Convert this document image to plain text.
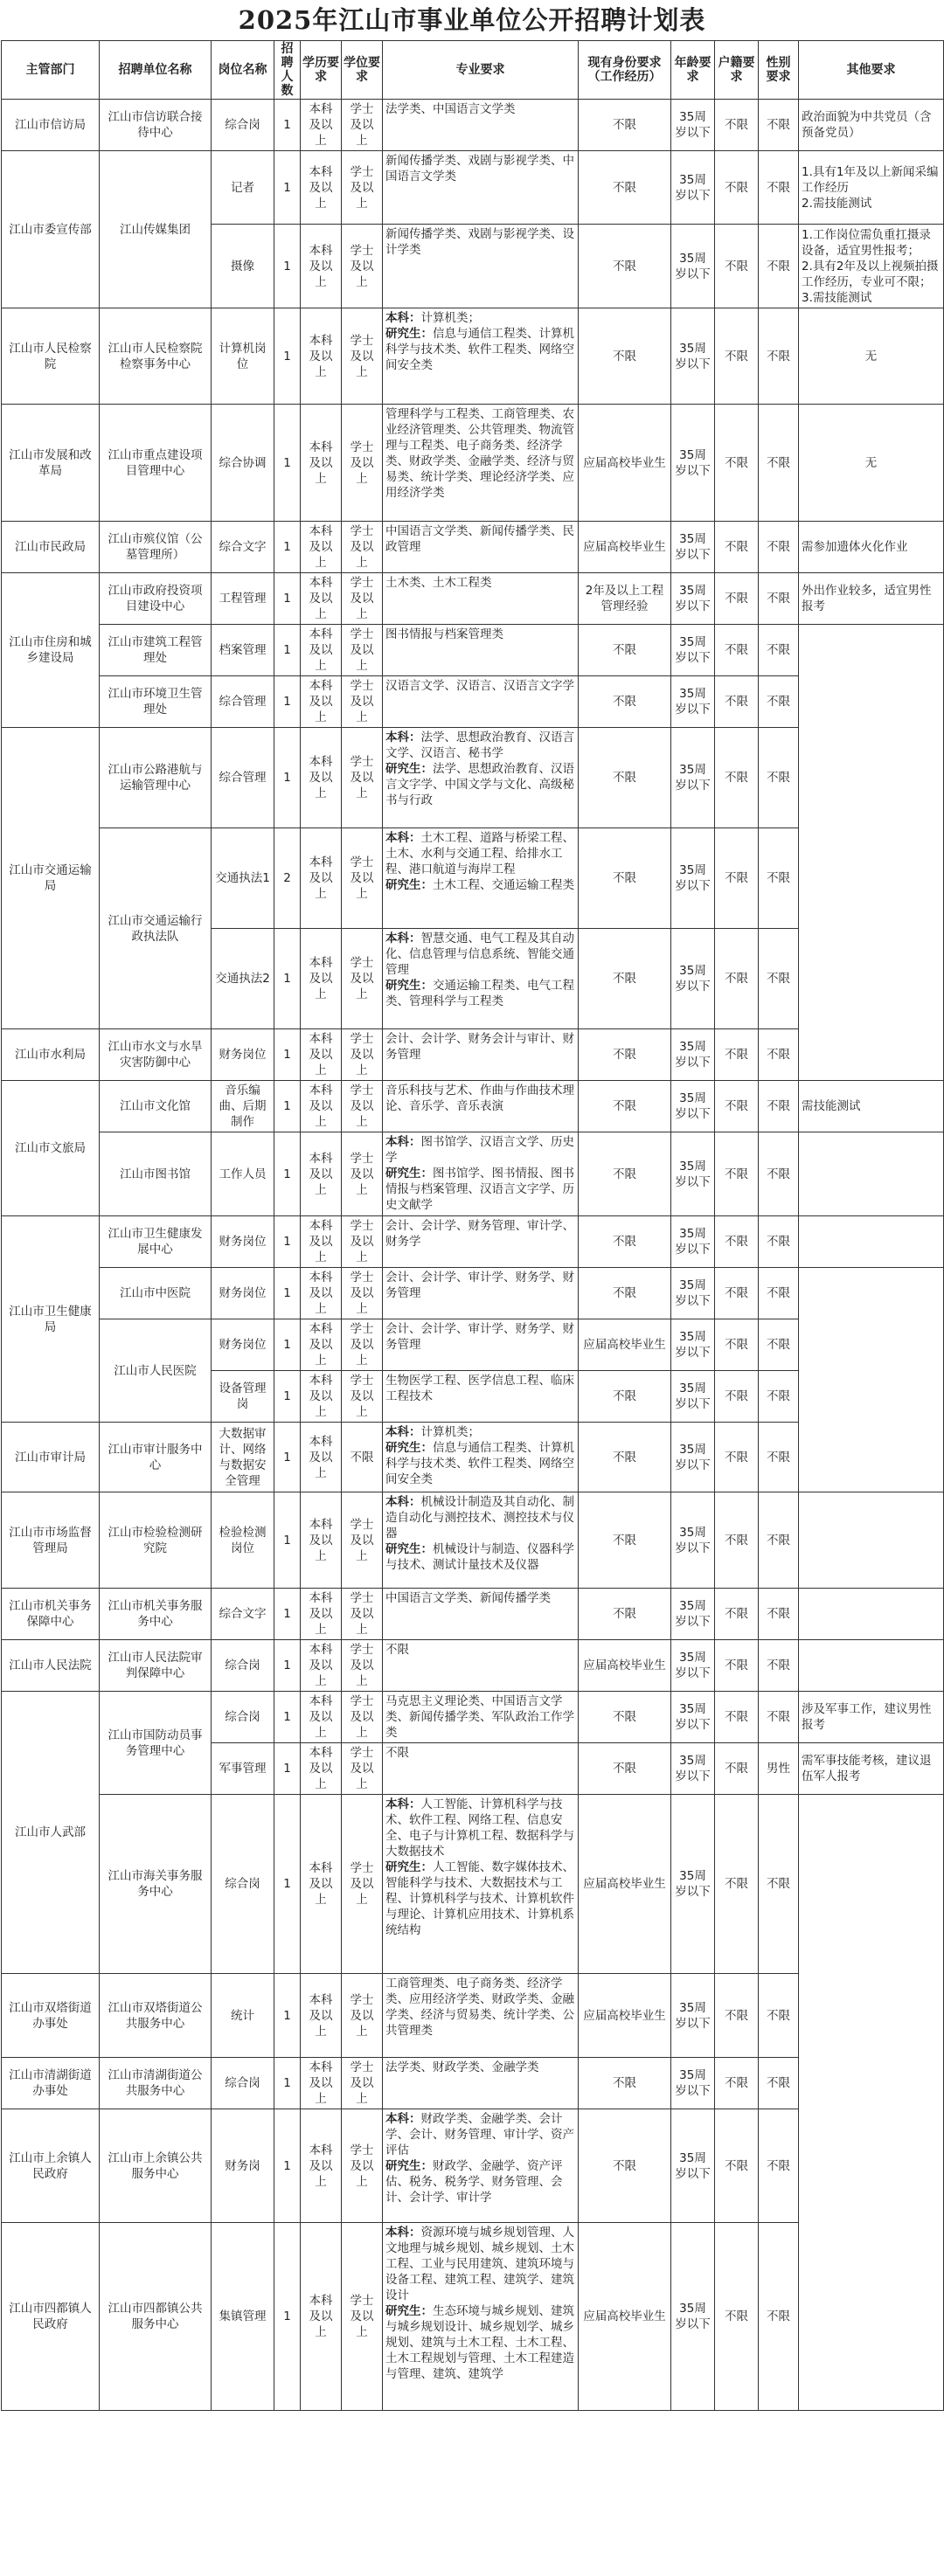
2025年江山市事业单位公开招聘计划表
主管部门	招聘单位名称	岗位名称	招聘人数	学历要求	学位要求	专业要求	现有身份要求（工作经历）	年龄要求	户籍要求	性别要求	其他要求
江山市信访局	江山市信访联合接待中心	综合岗	1	本科及以上	学士及以上	法学类、中国语言文学类	不限	35周岁以下	不限	不限	政治面貌为中共党员（含预备党员）
江山市委宣传部	江山传媒集团	记者	1	本科及以上	学士及以上	新闻传播学类、戏剧与影视学类、中国语言文学类	不限	35周岁以下	不限	不限	1.具有1年及以上新闻采编工作经历
2.需技能测试
		摄像	1	本科及以上	学士及以上	新闻传播学类、戏剧与影视学类、设计学类	不限	35周岁以下	不限	不限	1.工作岗位需负重扛摄录设备，适宜男性报考；
2.具有2年及以上视频拍摄工作经历，专业可不限；
3.需技能测试
江山市人民检察院	江山市人民检察院检察事务中心	计算机岗位	1	本科及以上	学士及以上	本科：计算机类；
研究生：信息与通信工程类、计算机科学与技术类、软件工程类、网络空间安全类	不限	35周岁以下	不限	不限	无
江山市发展和改革局	江山市重点建设项目管理中心	综合协调	1	本科及以上	学士及以上	管理科学与工程类、工商管理类、农业经济管理类、公共管理类、物流管理与工程类、电子商务类、经济学类、财政学类、金融学类、经济与贸易类、统计学类、理论经济学类、应用经济学类	应届高校毕业生	35周岁以下	不限	不限	无
江山市民政局	江山市殡仪馆（公墓管理所）	综合文字	1	本科及以上	学士及以上	中国语言文学类、新闻传播学类、民政管理	应届高校毕业生	35周岁以下	不限	不限	需参加遗体火化作业
江山市住房和城乡建设局	江山市政府投资项目建设中心	工程管理	1	本科及以上	学士及以上	土木类、土木工程类	2年及以上工程管理经验	35周岁以下	不限	不限	外出作业较多，适宜男性报考
	江山市建筑工程管理处	档案管理	1	本科及以上	学士及以上	图书情报与档案管理类	不限	35周岁以下	不限	不限	
	江山市环境卫生管理处	综合管理	1	本科及以上	学士及以上	汉语言文学、汉语言、汉语言文字学	不限	35周岁以下	不限	不限	
江山市交通运输局	江山市公路港航与运输管理中心	综合管理	1	本科及以上	学士及以上	本科：法学、思想政治教育、汉语言文学、汉语言、秘书学
研究生：法学、思想政治教育、汉语言文字学、中国文学与文化、高级秘书与行政	不限	35周岁以下	不限	不限	
	江山市交通运输行政执法队	交通执法1	2	本科及以上	学士及以上	本科：土木工程、道路与桥梁工程、土木、水利与交通工程、给排水工程、港口航道与海岸工程
研究生：土木工程、交通运输工程类	不限	35周岁以下	不限	不限	
		交通执法2	1	本科及以上	学士及以上	本科：智慧交通、电气工程及其自动化、信息管理与信息系统、智能交通管理
研究生：交通运输工程类、电气工程类、管理科学与工程类	不限	35周岁以下	不限	不限	
江山市水利局	江山市水文与水旱灾害防御中心	财务岗位	1	本科及以上	学士及以上	会计、会计学、财务会计与审计、财务管理	不限	35周岁以下	不限	不限	
江山市文旅局	江山市文化馆	音乐编曲、后期制作	1	本科及以上	学士及以上	音乐科技与艺术、作曲与作曲技术理论、音乐学、音乐表演	不限	35周岁以下	不限	不限	需技能测试
	江山市图书馆	工作人员	1	本科及以上	学士及以上	本科：图书馆学、汉语言文学、历史学
研究生：图书馆学、图书情报、图书情报与档案管理、汉语言文字学、历史文献学	不限	35周岁以下	不限	不限	
江山市卫生健康局	江山市卫生健康发展中心	财务岗位	1	本科及以上	学士及以上	会计、会计学、财务管理、审计学、财务学	不限	35周岁以下	不限	不限	
	江山市中医院	财务岗位	1	本科及以上	学士及以上	会计、会计学、审计学、财务学、财务管理	不限	35周岁以下	不限	不限	
	江山市人民医院	财务岗位	1	本科及以上	学士及以上	会计、会计学、审计学、财务学、财务管理	应届高校毕业生	35周岁以下	不限	不限	
		设备管理岗	1	本科及以上	学士及以上	生物医学工程、医学信息工程、临床工程技术	不限	35周岁以下	不限	不限	
江山市审计局	江山市审计服务中心	大数据审计、网络与数据安全管理	1	本科及以上	不限	本科：计算机类；
研究生：信息与通信工程类、计算机科学与技术类、软件工程类、网络空间安全类	不限	35周岁以下	不限	不限	
江山市市场监督管理局	江山市检验检测研究院	检验检测岗位	1	本科及以上	学士及以上	本科：机械设计制造及其自动化、制造自动化与测控技术、测控技术与仪器
研究生：机械设计与制造、仪器科学与技术、测试计量技术及仪器	不限	35周岁以下	不限	不限	
江山市机关事务保障中心	江山市机关事务服务中心	综合文字	1	本科及以上	学士及以上	中国语言文学类、新闻传播学类	不限	35周岁以下	不限	不限	
江山市人民法院	江山市人民法院审判保障中心	综合岗	1	本科及以上	学士及以上	不限	应届高校毕业生	35周岁以下	不限	不限	
江山市人武部	江山市国防动员事务管理中心	综合岗	1	本科及以上	学士及以上	马克思主义理论类、中国语言文学类、新闻传播学类、军队政治工作学类	不限	35周岁以下	不限	不限	涉及军事工作，建议男性报考
		军事管理	1	本科及以上	学士及以上	不限	不限	35周岁以下	不限	男性	需军事技能考核，建议退伍军人报考
	江山市海关事务服务中心	综合岗	1	本科及以上	学士及以上	本科：人工智能、计算机科学与技术、软件工程、网络工程、信息安全、电子与计算机工程、数据科学与大数据技术
研究生：人工智能、数字媒体技术、智能科学与技术、大数据技术与工程、计算机科学与技术、计算机软件与理论、计算机应用技术、计算机系统结构	应届高校毕业生	35周岁以下	不限	不限	
江山市双塔街道办事处	江山市双塔街道公共服务中心	统计	1	本科及以上	学士及以上	工商管理类、电子商务类、经济学类、应用经济学类、财政学类、金融学类、经济与贸易类、统计学类、公共管理类	应届高校毕业生	35周岁以下	不限	不限	
江山市清湖街道办事处	江山市清湖街道公共服务中心	综合岗	1	本科及以上	学士及以上	法学类、财政学类、金融学类	不限	35周岁以下	不限	不限	
江山市上余镇人民政府	江山市上余镇公共服务中心	财务岗	1	本科及以上	学士及以上	本科：财政学类、金融学类、会计学、会计、财务管理、审计学、资产评估
研究生：财政学、金融学、资产评估、税务、税务学、财务管理、会计、会计学、审计学	不限	35周岁以下	不限	不限	
江山市四都镇人民政府	江山市四都镇公共服务中心	集镇管理	1	本科及以上	学士及以上	本科：资源环境与城乡规划管理、人文地理与城乡规划、城乡规划、土木工程、工业与民用建筑、建筑环境与设备工程、建筑工程、建筑学、建筑设计
研究生：生态环境与城乡规划、建筑与城乡规划设计、城乡规划学、城乡规划、建筑与土木工程、土木工程、土木工程规划与管理、土木工程建造与管理、建筑、建筑学	应届高校毕业生	35周岁以下	不限	不限	
